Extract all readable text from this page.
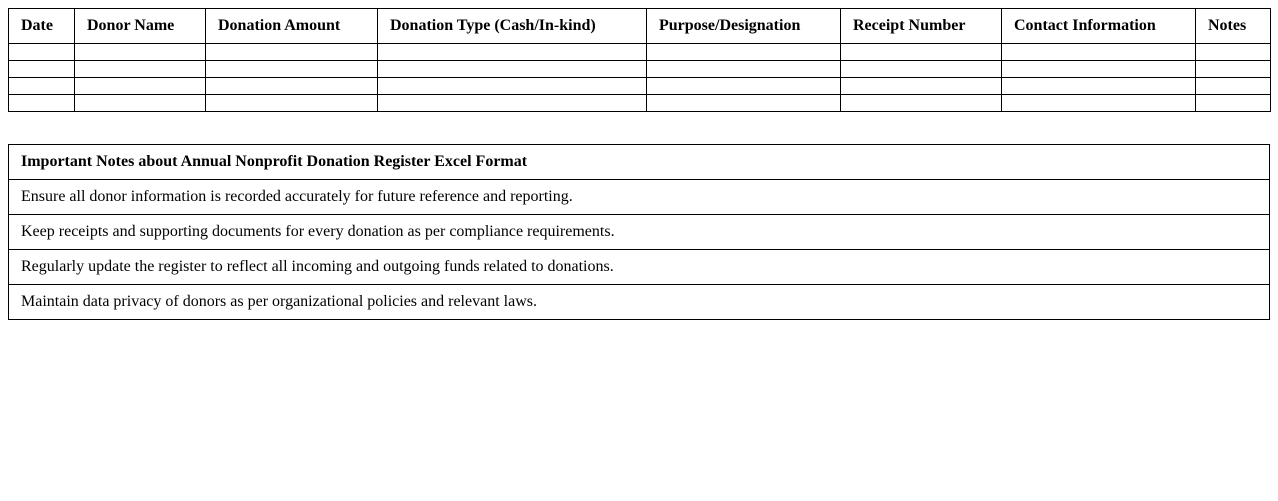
Date	Donor Name	Donation Amount	Donation Type (Cash/In-kind)	Purpose/Designation	Receipt Number	Contact Information	Notes

Important Notes about Annual Nonprofit Donation Register Excel Format
Ensure all donor information is recorded accurately for future reference and reporting.
Keep receipts and supporting documents for every donation as per compliance requirements.
Regularly update the register to reflect all incoming and outgoing funds related to donations.
Maintain data privacy of donors as per organizational policies and relevant laws.
